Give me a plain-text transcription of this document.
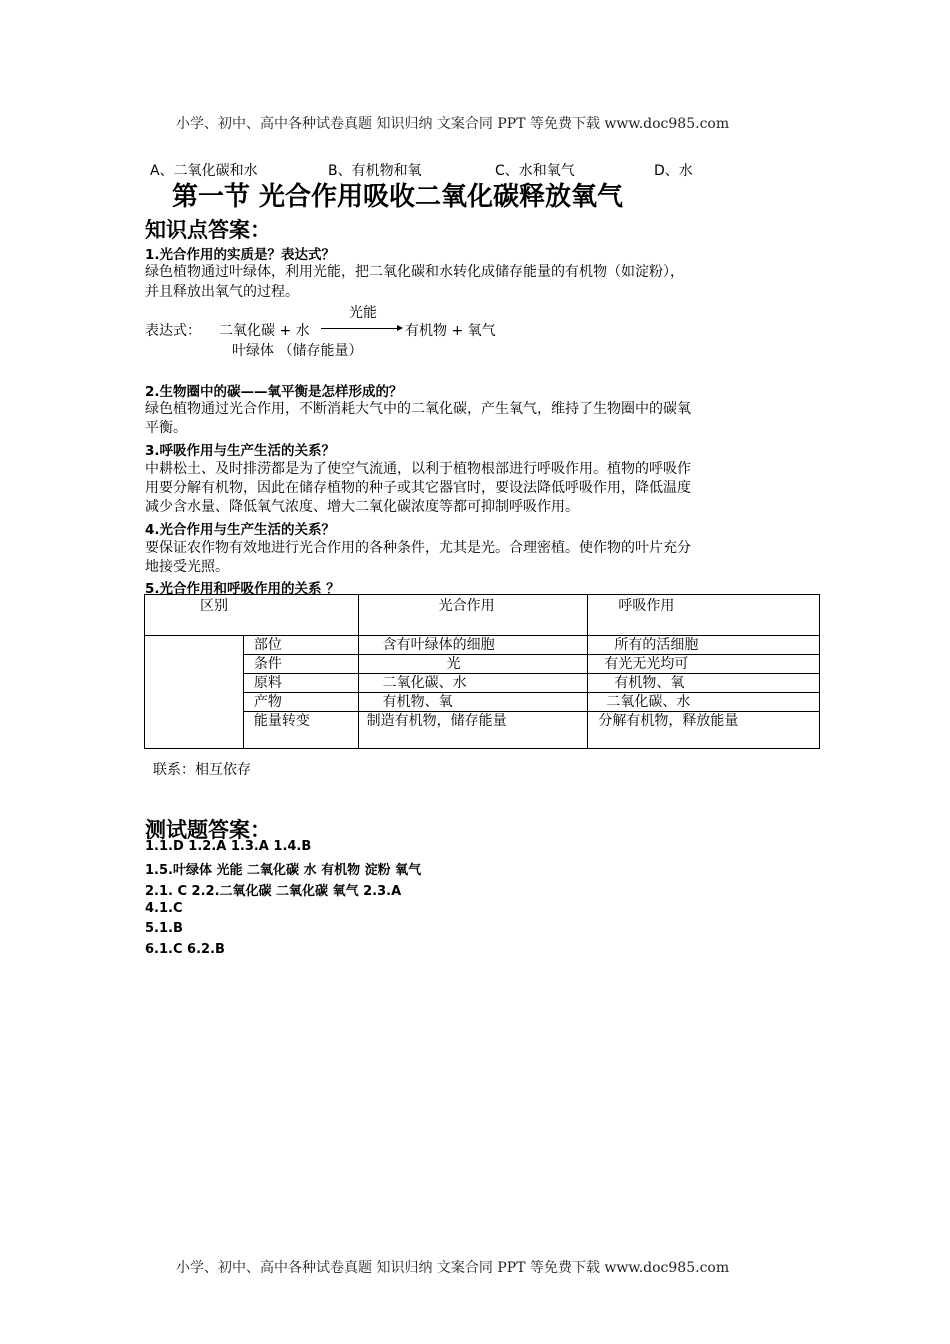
小学、初中、高中各种试卷真题 知识归纳 文案合同 PPT 等免费下载 www.doc985.com
A、二氧化碳和水	B、有机物和氧	C、水和氧气	D、水
第一节 光合作用吸收二氧化碳释放氧气
知识点答案：
1.光合作用的实质是？表达式？
绿色植物通过叶绿体，利用光能，把二氧化碳和水转化成储存能量的有机物（如淀粉），
并且释放出氧气的过程。
光能
表达式： 二氧化碳 + 水	有机物 + 氧气
叶绿体 （储存能量）
2.生物圈中的碳——氧平衡是怎样形成的？
绿色植物通过光合作用，不断消耗大气中的二氧化碳，产生氧气，维持了生物圈中的碳氧
平衡。
3.呼吸作用与生产生活的关系？
中耕松土、及时排涝都是为了使空气流通，以利于植物根部进行呼吸作用。植物的呼吸作
用要分解有机物，因此在储存植物的种子或其它器官时，要设法降低呼吸作用，降低温度
减少含水量、降低氧气浓度、增大二氧化碳浓度等都可抑制呼吸作用。
4.光合作用与生产生活的关系？
要保证农作物有效地进行光合作用的各种条件，尤其是光。合理密植。使作物的叶片充分
地接受光照。
5.光合作用和呼吸作用的关系 ？
区别		光合作用	呼吸作用
	部位	含有叶绿体的细胞	所有的活细胞
	条件	光	有光无光均可
	原料	二氧化碳、水	有机物、氧
	产物	有机物、氧	二氧化碳、水
	能量转变	制造有机物，储存能量	分解有机物，释放能量
联系：相互依存
测试题答案：
1.1.D 1.2.A 1.3.A 1.4.B
1.5.叶绿体 光能 二氧化碳 水 有机物 淀粉 氧气
2.1. C 2.2.二氧化碳 二氧化碳 氧气 2.3.A
4.1.C
5.1.B
6.1.C 6.2.B
小学、初中、高中各种试卷真题 知识归纳 文案合同 PPT 等免费下载 www.doc985.com
